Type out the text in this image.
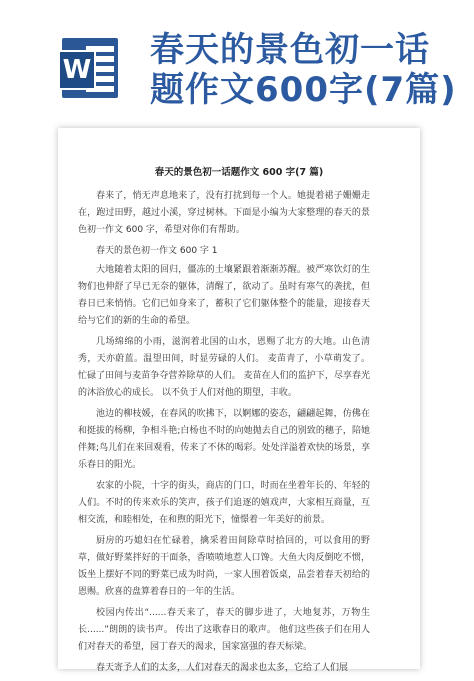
W 春天的景色初一话
题作文600字(7篇)
春天的景色初一话题作文 600 字(7 篇)

春来了，悄无声息地来了，没有打扰到每一个人。她提着裙子姗姗走在，跑过田野，越过小溪，穿过树林。下面是小编为大家整理的春天的景色初一作文 600 字，希望对你们有帮助。

春天的景色初一作文 600 字 1

大地随着太阳的回归，僵冻的土壤紧跟着渐渐苏醒。被严寒饮灯的生物们也伸舒了早已无奈的躯体，清醒了，欲动了。虽时有寒气的袭扰，但春日已来悄悄。它们已如身来了，蓄积了它们躯体整个的能量，迎接春天给与它们的新的生命的希望。

几场绵绵的小雨，滋润着北国的山水，恩赐了北方的大地。山色清秀，天亦蔚蓝。温望田间，时显劳碌的人们。 麦苗青了，小草萌发了。 忙碌了田间与麦苗争夺营养除草的人们。 麦苗在人们的监护下，尽享春光的沐浴放心的成长。 以不负于人们对他的期望，丰收。

池边的柳枝媛，在春风的吹拂下，以婀娜的姿态，翩翩起舞，仿佛在和挺拔的杨柳，争相斗艳;白杨也不时的向她抛去自己的别致的穗子，陪她伴舞;鸟儿们在来回观看，传来了不休的喝彩。处处洋溢着欢快的场景，享乐春日的阳光。

农家的小院，十字的街头，商店的门口，时而在坐着年长的、年轻的人们。不时的传来欢乐的笑声，孩子们追逐的嬉戏声，大家相互商量，互相交流，和睦相处，在和煦的阳光下，憧憬着一年美好的前景。

厨房的巧媳妇在忙碌着，擒采着田间除草时拾回的，可以食用的野草，做好野菜拌好的干面条，香喷喷地惹人口馋。大鱼大肉反倒吃不惯，饭坐上摆好不同的野菜已成为时尚，一家人围着饭桌，品尝着春天初给的恩赐。欣喜的盘算着春日的一年的生活。

校园内传出“......春天来了，春天的脚步进了，大地复苏，万物生长......”朗朗的读书声。 传出了这歌春日的歌声。 他们这些孩子们在用人们对春天的希望，园丁春天的渴求，国家富强的春天标梁。

春天寄予人们的太多，人们对春天的渴求也太多，它给了人们展
